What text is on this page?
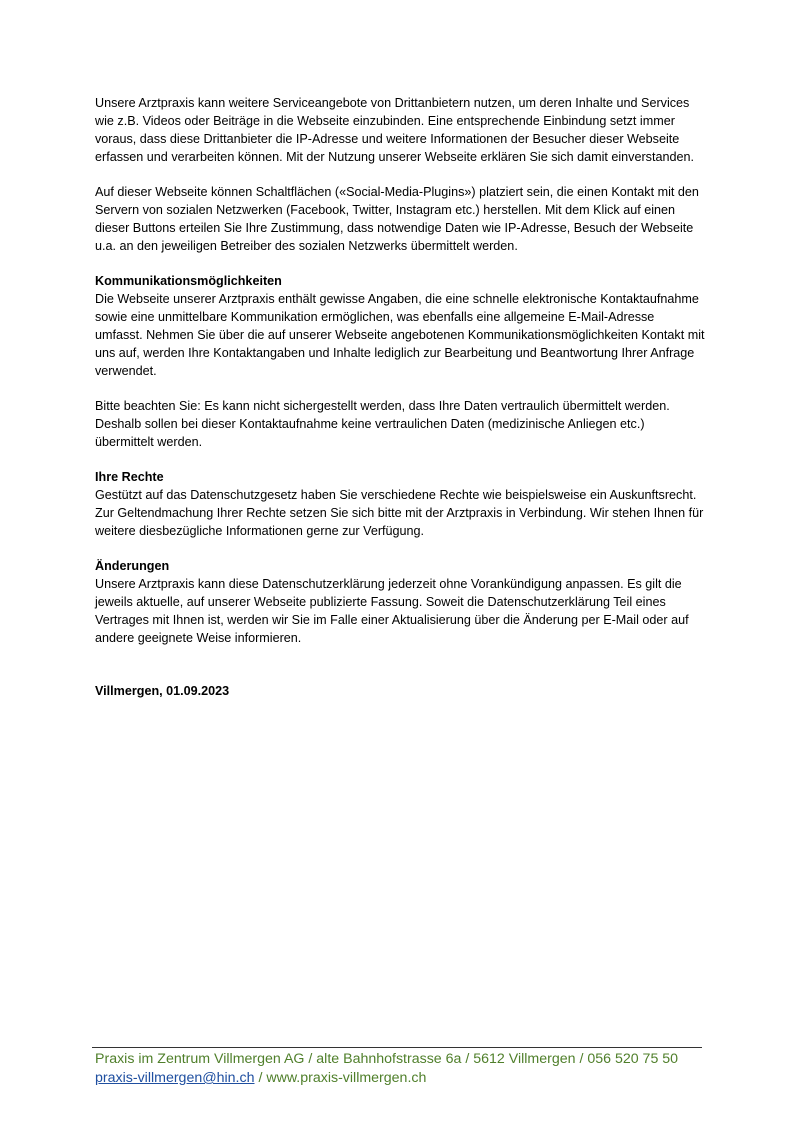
Unsere Arztpraxis kann weitere Serviceangebote von Drittanbietern nutzen, um deren Inhalte und Services wie z.B. Videos oder Beiträge in die Webseite einzubinden. Eine entsprechende Einbindung setzt immer voraus, dass diese Drittanbieter die IP-Adresse und weitere Informationen der Besucher dieser Webseite erfassen und verarbeiten können. Mit der Nutzung unserer Webseite erklären Sie sich damit einverstanden.

Auf dieser Webseite können Schaltflächen («Social-Media-Plugins») platziert sein, die einen Kontakt mit den Servern von sozialen Netzwerken (Facebook, Twitter, Instagram etc.) herstellen. Mit dem Klick auf einen dieser Buttons erteilen Sie Ihre Zustimmung, dass notwendige Daten wie IP-Adresse, Besuch der Webseite u.a. an den jeweiligen Betreiber des sozialen Netzwerks übermittelt werden.

Kommunikationsmöglichkeiten

Die Webseite unserer Arztpraxis enthält gewisse Angaben, die eine schnelle elektronische Kontaktaufnahme sowie eine unmittelbare Kommunikation ermöglichen, was ebenfalls eine allgemeine E-Mail-Adresse umfasst. Nehmen Sie über die auf unserer Webseite angebotenen Kommunikationsmöglichkeiten Kontakt mit uns auf, werden Ihre Kontaktangaben und Inhalte lediglich zur Bearbeitung und Beantwortung Ihrer Anfrage verwendet.

Bitte beachten Sie: Es kann nicht sichergestellt werden, dass Ihre Daten vertraulich übermittelt werden. Deshalb sollen bei dieser Kontaktaufnahme keine vertraulichen Daten (medizinische Anliegen etc.) übermittelt werden.

Ihre Rechte

Gestützt auf das Datenschutzgesetz haben Sie verschiedene Rechte wie beispielsweise ein Auskunftsrecht. Zur Geltendmachung Ihrer Rechte setzen Sie sich bitte mit der Arztpraxis in Verbindung. Wir stehen Ihnen für weitere diesbezügliche Informationen gerne zur Verfügung.

Änderungen

Unsere Arztpraxis kann diese Datenschutzerklärung jederzeit ohne Vorankündigung anpassen. Es gilt die jeweils aktuelle, auf unserer Webseite publizierte Fassung. Soweit die Datenschutzerklärung Teil eines Vertrages mit Ihnen ist, werden wir Sie im Falle einer Aktualisierung über die Änderung per E-Mail oder auf andere geeignete Weise informieren.

Villmergen, 01.09.2023

Praxis im Zentrum Villmergen AG / alte Bahnhofstrasse 6a / 5612 Villmergen / 056 520 75 50
praxis-villmergen@hin.ch / www.praxis-villmergen.ch
